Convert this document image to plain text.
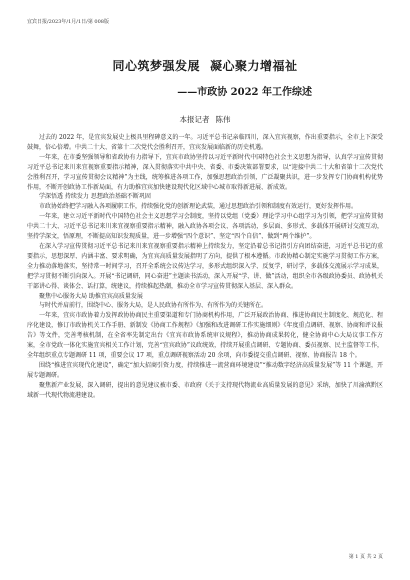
宜宾日报/2023年/1月/1日/第 008版
同心筑梦强发展 凝心聚力增福祉
——市政协 2022 年工作综述
本报记者 陈伟

过去的 2022 年，是宜宾发展史上极具里程碑意义的一年。习近平总书记亲临四川，深入宜宾视察，作出重要指示，全市上下深受鼓舞，倍心倍增。中共二十大、省第十二次党代会胜利召开，宜宾发展面临新的历史机遇。

一年来，在市委坚强领导和省政协有力指导下，宜宾市政协坚持以习近平新时代中国特色社会主义思想为指导，认真学习宣传贯彻习近平总书记来川来宜视察重要指示精神，深入贯彻落实中共中央、省委、市委决策部署要求，以“迎接中共二十大和省第十二次党代会胜利召开，学习宣传贯彻会议精神”为主线，统筹推进各项工作，加强思想政治引领，广泛凝聚共识，进一步发挥专门协商机构优势作用，不断开创政协工作新局面，有力助推宜宾加快建设现代化区域中心城市取得新进展、新成效。

学深悟透 持续发力 思想政治基础不断巩固

市政协始终把学习融入各项履职工作，持续强化党的创新理论武装，通过思想政治引领和制度有效运行，更好发挥作用。

一年来，建立习近平新时代中国特色社会主义思想学习会制度，坚持以党组（党委）理论学习中心组学习为引领，把学习宣传贯彻中共二十大、习近平总书记来川来宜视察重要指示精神，融入政协各项会议、各项活动，多层面、多形式、多载体开展研讨交流互动，坚持学深文，悟原理，不断提高知识发现质量，进一步增强“四个意识”、坚定“四个自信”、做到“两个维护”。

在深入学习宣传贯彻习近平总书记来川来宜视察重要指示精神上持续发力，坚定沿着总书记指引方向团结奋进，习近平总书记的重要指示，思想深厚、内涵丰富、要求明确，为宜宾高质量发展指明了方向，提供了根本遵循。市政协精心制定实施学习贯彻工作方案，全力推动落地落实，坚持常一时间学习，召开全系统会议传达学习，多形式组织深入学、反复学，研讨学，多载体交流展示学习成果，把学习贯彻不断引向深入。开展“书记调研，同心奋进”主题读书活动，深入开展“学、讲、做”活动，组织全市各级政协委员、政协机关干部讲心得、谈体会、话打算，统建议，持续推起热潮，推动全市学习宣传贯彻深入基层、深入群众。

聚焦中心服务大局 助推宜宾高质量发展

与时代并肩前行，围绕中心、服务大局，是人民政协有所作为、有所作为的关键所在。

一年来，宜宾市政协着力发挥政协协商民主重要渠道和专门协商机构作用，广泛开展政治协商、推进协商民主制度化、规范化、程序化建设，修订市政协机关工作手册、新制发《协商工作规程》《加强和改进调研工作实施细则》《年度重点调研、视察、协商和评议报告》等文件，完善考核机制，在全省率先制定出台《宜宾市政协系统审议规程》，推动协商成果转化，健全协商中心大局议事工作方案，全市党政一体化实施宜宾相关工作计划，完善“宜宾政协”议政统效，持续开展重点调研、专题协商、委员视察、民主监督等工作，全年组织重点专题调研 11 项，重要会议 17 项，重点调研视察活动 20 余项，向市委提交重点调研、视察、协商报告 18 个。

围绕“推进宜宾现代化建设”，确定“加大招商引资力度，持续推进一流营商环境建设”“推动数字经济高质量发展”等 11 个课题，开展专题调研。

聚焦新产业发展，深入调研，提出的意见建议被市委、市政府《关于支持现代物流业高质量发展的意见》采纳，加快了川渝滇黔区域新一代现代物流港建设。

第 1 页 共 2 页
